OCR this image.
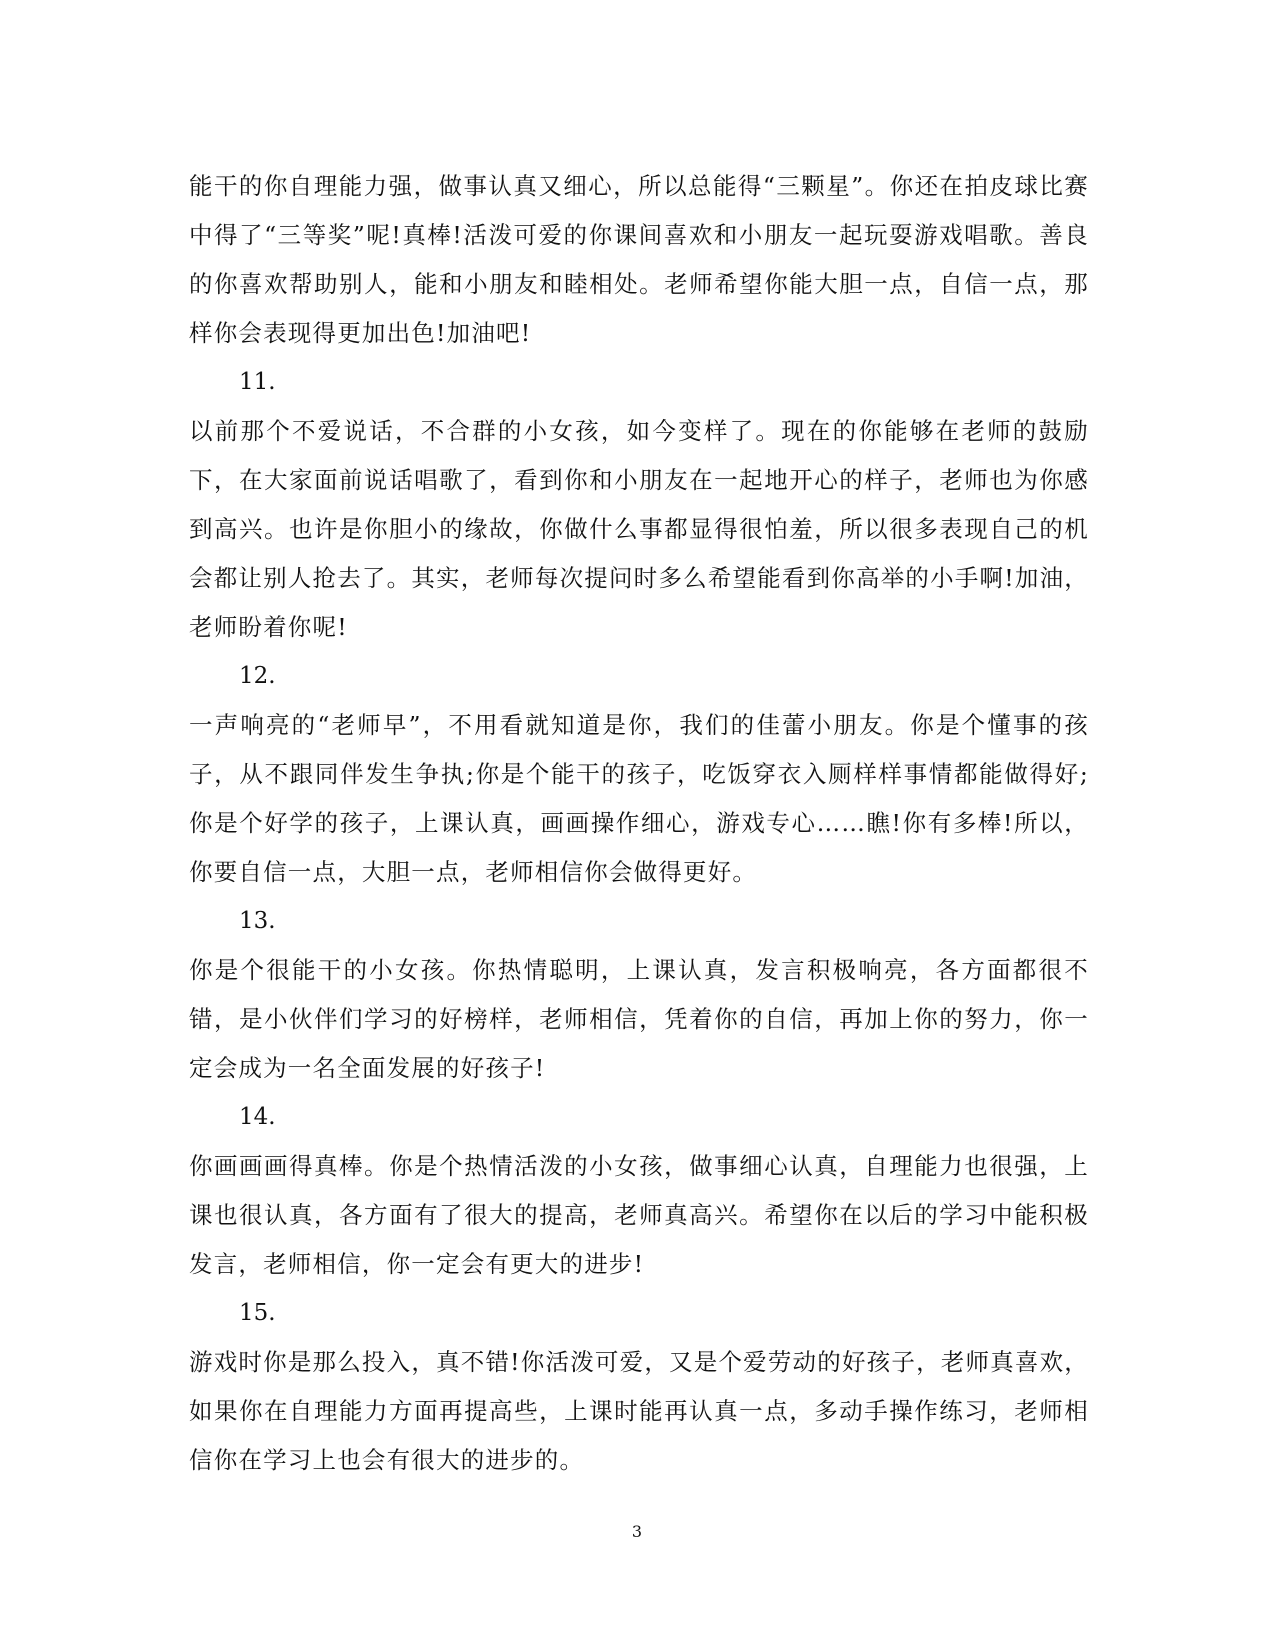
能干的你自理能力强，做事认真又细心，所以总能得“三颗星”。你还在拍皮球比赛中得了“三等奖”呢!真棒!活泼可爱的你课间喜欢和小朋友一起玩耍游戏唱歌。善良的你喜欢帮助别人，能和小朋友和睦相处。老师希望你能大胆一点，自信一点，那样你会表现得更加出色!加油吧!

11.

以前那个不爱说话，不合群的小女孩，如今变样了。现在的你能够在老师的鼓励下，在大家面前说话唱歌了，看到你和小朋友在一起地开心的样子，老师也为你感到高兴。也许是你胆小的缘故，你做什么事都显得很怕羞，所以很多表现自己的机会都让别人抢去了。其实，老师每次提问时多么希望能看到你高举的小手啊!加油，老师盼着你呢!

12.

一声响亮的“老师早”，不用看就知道是你，我们的佳蕾小朋友。你是个懂事的孩子，从不跟同伴发生争执;你是个能干的孩子，吃饭穿衣入厕样样事情都能做得好;你是个好学的孩子，上课认真，画画操作细心，游戏专心……瞧!你有多棒!所以，你要自信一点，大胆一点，老师相信你会做得更好。

13.

你是个很能干的小女孩。你热情聪明，上课认真，发言积极响亮，各方面都很不错，是小伙伴们学习的好榜样，老师相信，凭着你的自信，再加上你的努力，你一定会成为一名全面发展的好孩子!

14.

你画画画得真棒。你是个热情活泼的小女孩，做事细心认真，自理能力也很强，上课也很认真，各方面有了很大的提高，老师真高兴。希望你在以后的学习中能积极发言，老师相信，你一定会有更大的进步!

15.

游戏时你是那么投入，真不错!你活泼可爱，又是个爱劳动的好孩子，老师真喜欢，如果你在自理能力方面再提高些，上课时能再认真一点，多动手操作练习，老师相信你在学习上也会有很大的进步的。

3
